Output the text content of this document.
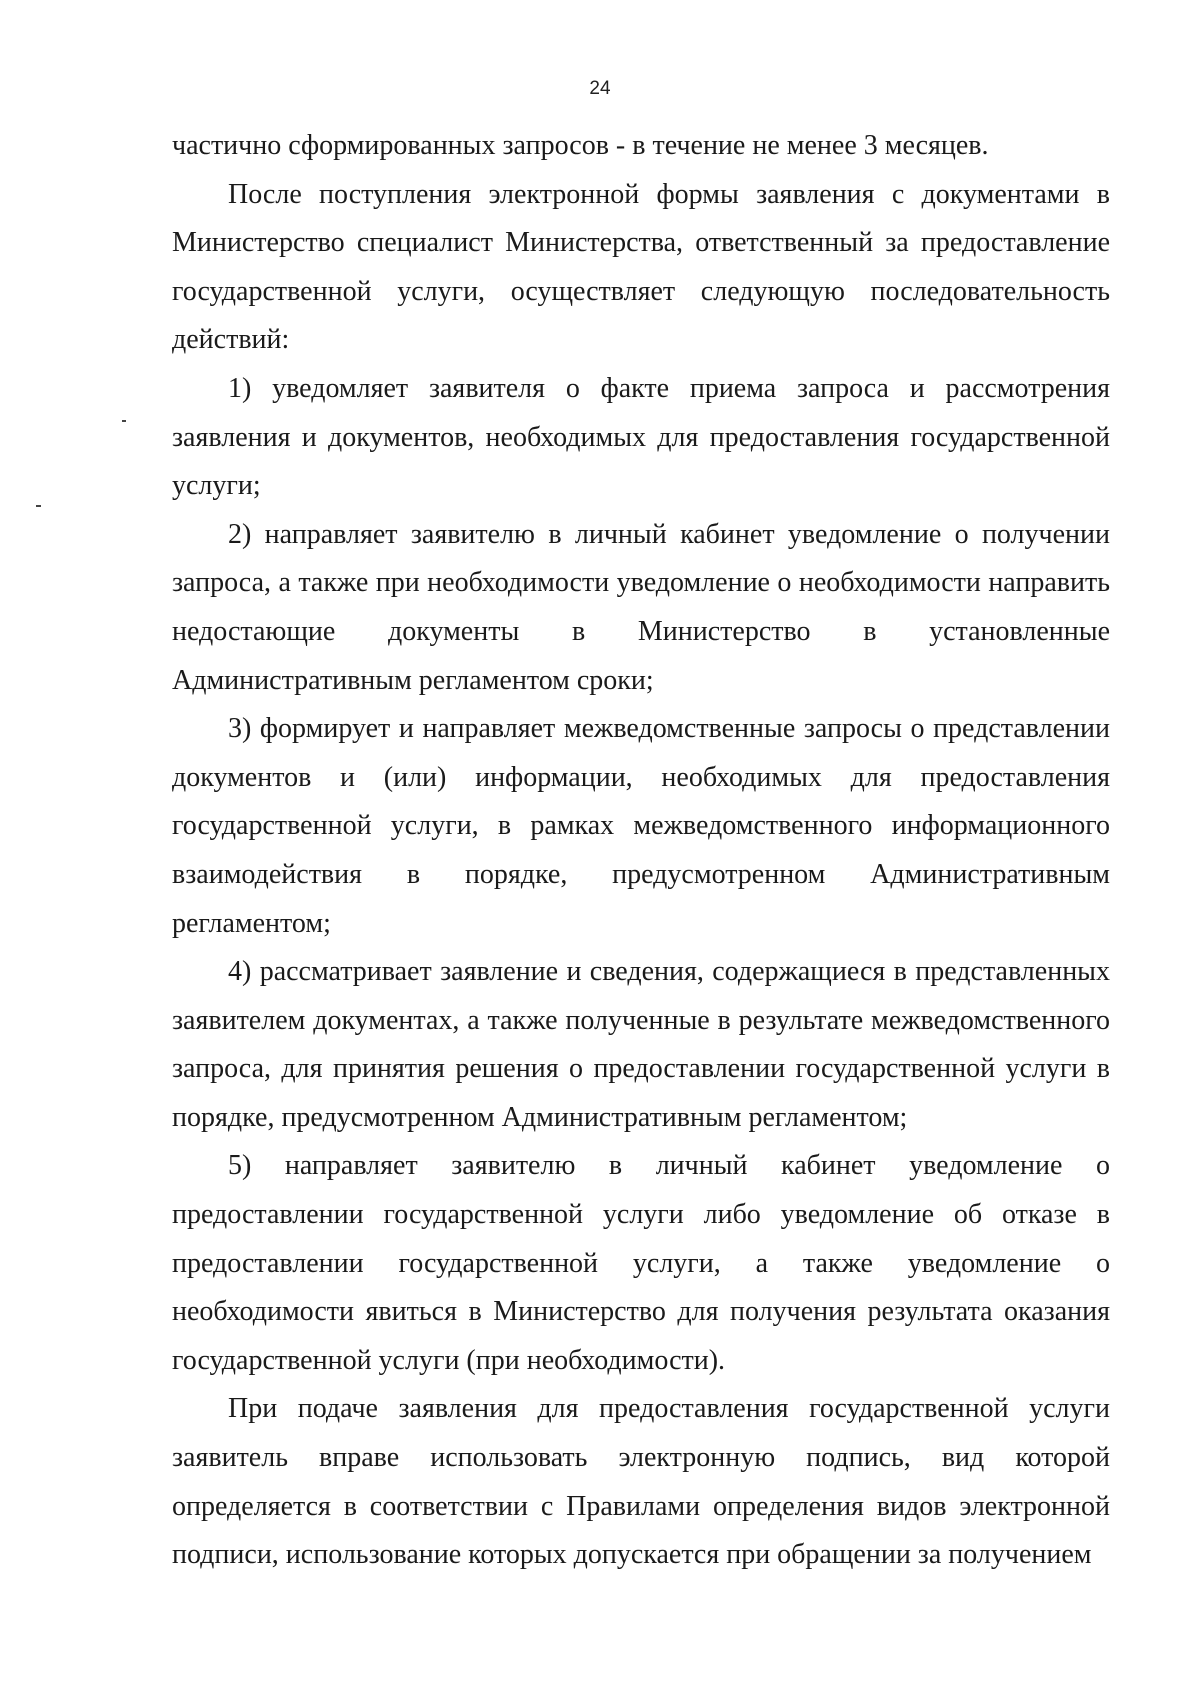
24

частично сформированных запросов - в течение не менее 3 месяцев.

После поступления электронной формы заявления с документами в Министерство специалист Министерства, ответственный за предоставление государственной услуги, осуществляет следующую последовательность действий:

1) уведомляет заявителя о факте приема запроса и рассмотрения заявления и документов, необходимых для предоставления государственной услуги;

2) направляет заявителю в личный кабинет уведомление о получении запроса, а также при необходимости уведомление о необходимости направить недостающие документы в Министерство в установленные Административным регламентом сроки;

3) формирует и направляет межведомственные запросы о представлении документов и (или) информации, необходимых для предоставления государственной услуги, в рамках межведомственного информационного взаимодействия в порядке, предусмотренном Административным регламентом;

4) рассматривает заявление и сведения, содержащиеся в представленных заявителем документах, а также полученные в результате межведомственного запроса, для принятия решения о предоставлении государственной услуги в порядке, предусмотренном Административным регламентом;

5) направляет заявителю в личный кабинет уведомление о предоставлении государственной услуги либо уведомление об отказе в предоставлении государственной услуги, а также уведомление о необходимости явиться в Министерство для получения результата оказания государственной услуги (при необходимости).

При подаче заявления для предоставления государственной услуги заявитель вправе использовать электронную подпись, вид которой определяется в соответствии с Правилами определения видов электронной подписи, использование которых допускается при обращении за получением
